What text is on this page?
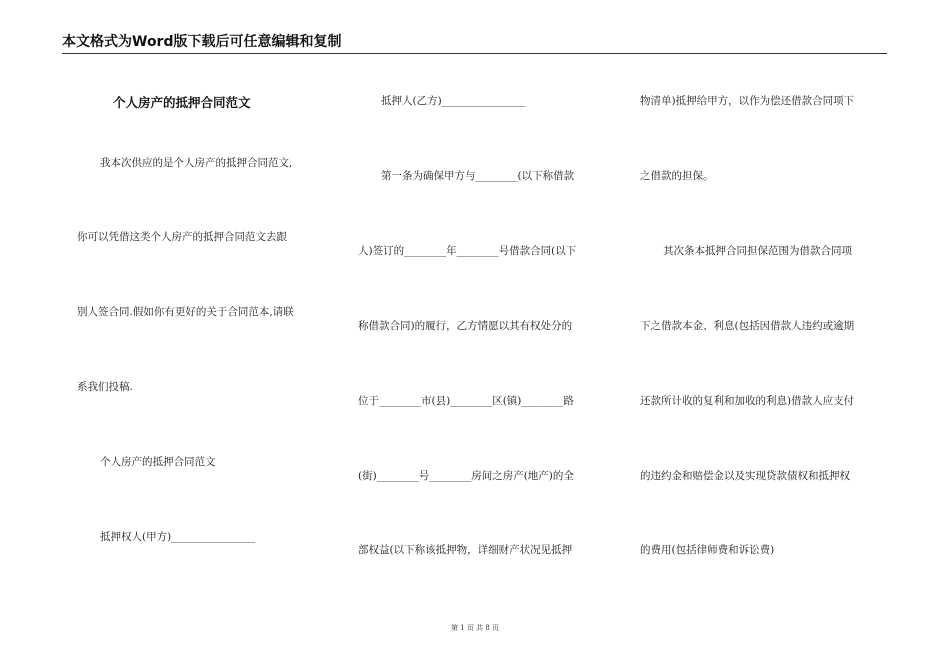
本文格式为Word版下载后可任意编辑和复制
个人房产的抵押合同范文
我本次供应的是个人房产的抵押合同范文,
你可以凭借这类个人房产的抵押合同范文去跟
别人签合同.假如你有更好的关于合同范本,请联
系我们投稿.
个人房产的抵押合同范文
抵押权人(甲方)________________
抵押人(乙方)________________
第一条为确保甲方与________(以下称借款
人)签订的________年________号借款合同(以下
称借款合同)的履行，乙方情愿以其有权处分的
位于________市(县)________区(镇)________路
(街)________号________房间之房产(地产)的全
部权益(以下称该抵押物，详细财产状况见抵押
物清单)抵押给甲方，以作为偿还借款合同项下
之借款的担保。
其次条本抵押合同担保范围为借款合同项
下之借款本金、利息(包括因借款人违约或逾期
还款所计收的复利和加收的利息)借款人应支付
的违约金和赔偿金以及实现贷款债权和抵押权
的费用(包括律师费和诉讼费)
第 1 页 共 8 页
